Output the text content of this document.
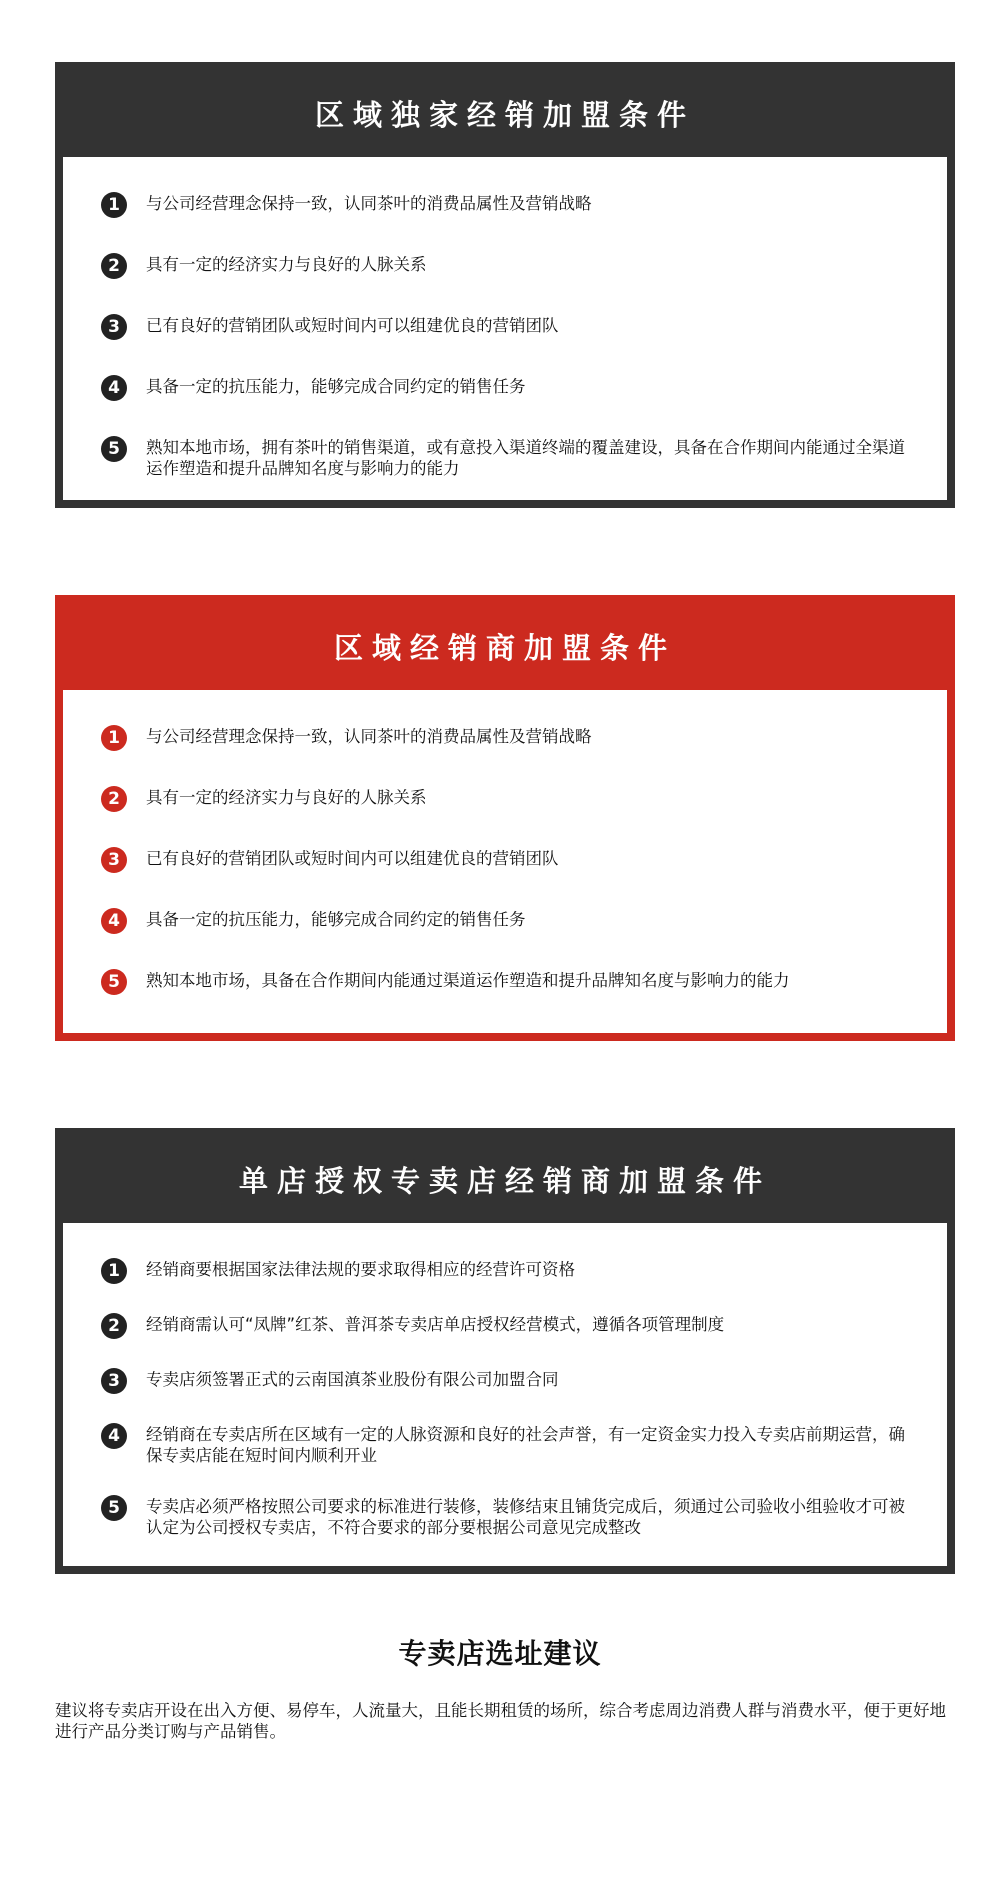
区域独家经销加盟条件
1	与公司经营理念保持一致，认同茶叶的消费品属性及营销战略
2	具有一定的经济实力与良好的人脉关系
3	已有良好的营销团队或短时间内可以组建优良的营销团队
4	具备一定的抗压能力，能够完成合同约定的销售任务
5	熟知本地市场，拥有茶叶的销售渠道，或有意投入渠道终端的覆盖建设，具备在合作期间内能通过全渠道运作塑造和提升品牌知名度与影响力的能力
区域经销商加盟条件
1	与公司经营理念保持一致，认同茶叶的消费品属性及营销战略
2	具有一定的经济实力与良好的人脉关系
3	已有良好的营销团队或短时间内可以组建优良的营销团队
4	具备一定的抗压能力，能够完成合同约定的销售任务
5	熟知本地市场，具备在合作期间内能通过渠道运作塑造和提升品牌知名度与影响力的能力
单店授权专卖店经销商加盟条件
1	经销商要根据国家法律法规的要求取得相应的经营许可资格
2	经销商需认可“凤牌”红茶、普洱茶专卖店单店授权经营模式，遵循各项管理制度
3	专卖店须签署正式的云南国滇茶业股份有限公司加盟合同
4	经销商在专卖店所在区域有一定的人脉资源和良好的社会声誉，有一定资金实力投入专卖店前期运营，确保专卖店能在短时间内顺利开业
5	专卖店必须严格按照公司要求的标准进行装修，装修结束且铺货完成后，须通过公司验收小组验收才可被认定为公司授权专卖店，不符合要求的部分要根据公司意见完成整改
专卖店选址建议

建议将专卖店开设在出入方便、易停车，人流量大，且能长期租赁的场所，综合考虑周边消费人群与消费水平，便于更好地进行产品分类订购与产品销售。
